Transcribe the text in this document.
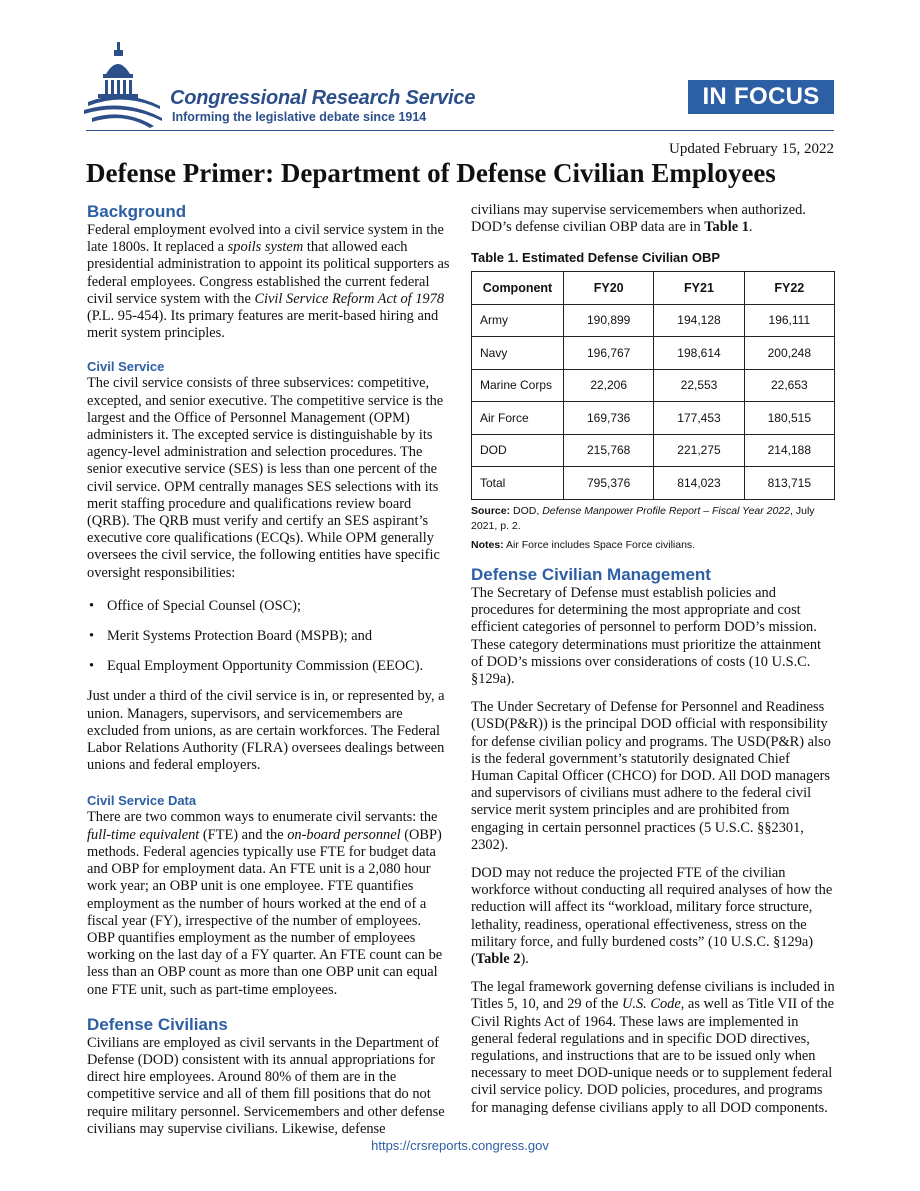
Congressional Research Service
Informing the legislative debate since 1914
IN FOCUS
Updated February 15, 2022
Defense Primer: Department of Defense Civilian Employees
Background

Federal employment evolved into a civil service system in the late 1800s. It replaced a spoils system that allowed each presidential administration to appoint its political supporters as federal employees. Congress established the current federal civil service system with the Civil Service Reform Act of 1978 (P.L. 95-454). Its primary features are merit-based hiring and merit system principles.

Civil Service

The civil service consists of three subservices: competitive, excepted, and senior executive. The competitive service is the largest and the Office of Personnel Management (OPM) administers it. The excepted service is distinguishable by its agency-level administration and selection procedures. The senior executive service (SES) is less than one percent of the civil service. OPM centrally manages SES selections with its merit staffing procedure and qualifications review board (QRB). The QRB must verify and certify an SES aspirant’s executive core qualifications (ECQs). While OPM generally oversees the civil service, the following entities have specific oversight responsibilities:

• Office of Special Counsel (OSC);
• Merit Systems Protection Board (MSPB); and
• Equal Employment Opportunity Commission (EEOC).

Just under a third of the civil service is in, or represented by, a union. Managers, supervisors, and servicemembers are excluded from unions, as are certain workforces. The Federal Labor Relations Authority (FLRA) oversees dealings between unions and federal employers.

Civil Service Data

There are two common ways to enumerate civil servants: the full-time equivalent (FTE) and the on-board personnel (OBP) methods. Federal agencies typically use FTE for budget data and OBP for employment data. An FTE unit is a 2,080 hour work year; an OBP unit is one employee. FTE quantifies employment as the number of hours worked at the end of a fiscal year (FY), irrespective of the number of employees. OBP quantifies employment as the number of employees working on the last day of a FY quarter. An FTE count can be less than an OBP count as more than one OBP unit can equal one FTE unit, such as part-time employees.

Defense Civilians

Civilians are employed as civil servants in the Department of Defense (DOD) consistent with its annual appropriations for direct hire employees. Around 80% of them are in the competitive service and all of them fill positions that do not require military personnel. Servicemembers and other defense civilians may supervise civilians. Likewise, defense

civilians may supervise servicemembers when authorized. DOD’s defense civilian OBP data are in Table 1.

Table 1. Estimated Defense Civilian OBP
Component	FY20	FY21	FY22
Army	190,899	194,128	196,111
Navy	196,767	198,614	200,248
Marine Corps	22,206	22,553	22,653
Air Force	169,736	177,453	180,515
DOD	215,768	221,275	214,188
Total	795,376	814,023	813,715
Source: DOD, Defense Manpower Profile Report – Fiscal Year 2022, July 2021, p. 2.
Notes: Air Force includes Space Force civilians.
Defense Civilian Management

The Secretary of Defense must establish policies and procedures for determining the most appropriate and cost efficient categories of personnel to perform DOD’s mission. These category determinations must prioritize the attainment of DOD’s missions over considerations of costs (10 U.S.C. §129a).

The Under Secretary of Defense for Personnel and Readiness (USD(P&R)) is the principal DOD official with responsibility for defense civilian policy and programs. The USD(P&R) also is the federal government’s statutorily designated Chief Human Capital Officer (CHCO) for DOD. All DOD managers and supervisors of civilians must adhere to the federal civil service merit system principles and are prohibited from engaging in certain personnel practices (5 U.S.C. §§2301, 2302).

DOD may not reduce the projected FTE of the civilian workforce without conducting all required analyses of how the reduction will affect its “workload, military force structure, lethality, readiness, operational effectiveness, stress on the military force, and fully burdened costs” (10 U.S.C. §129a) (Table 2).

The legal framework governing defense civilians is included in Titles 5, 10, and 29 of the U.S. Code, as well as Title VII of the Civil Rights Act of 1964. These laws are implemented in general federal regulations and in specific DOD directives, regulations, and instructions that are to be issued only when necessary to meet DOD-unique needs or to supplement federal civil service policy. DOD policies, procedures, and programs for managing defense civilians apply to all DOD components.

https://crsreports.congress.gov
